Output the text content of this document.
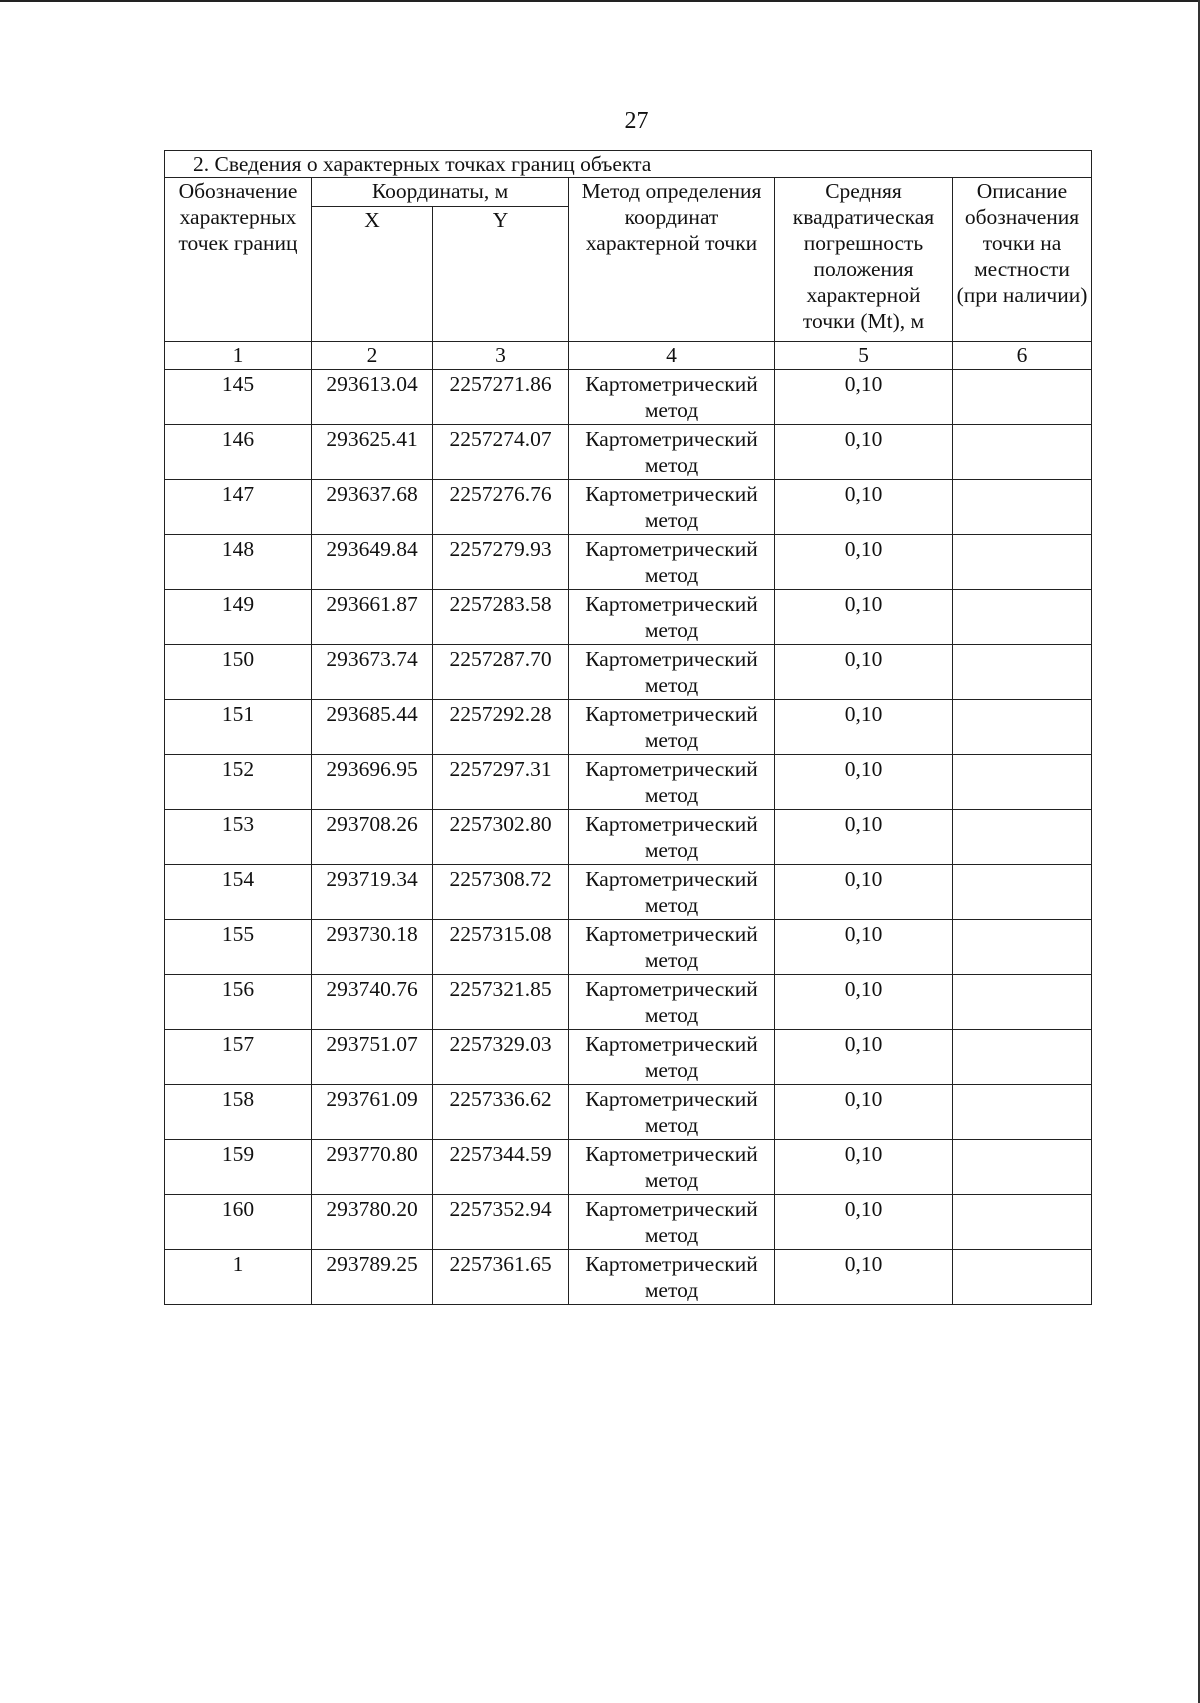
27
2. Сведения о характерных точках границ объекта					
Обозначение характерных точек границ	Координаты, м		Метод определения координат характерной точки	Средняя квадратическая погрешность положения характерной точки (Mt), м	Описание обозначения точки на местности (при наличии)
	X	Y			
1	2	3	4	5	6
145	293613.04	2257271.86	Картометрический метод	0,10	
146	293625.41	2257274.07	Картометрический метод	0,10	
147	293637.68	2257276.76	Картометрический метод	0,10	
148	293649.84	2257279.93	Картометрический метод	0,10	
149	293661.87	2257283.58	Картометрический метод	0,10	
150	293673.74	2257287.70	Картометрический метод	0,10	
151	293685.44	2257292.28	Картометрический метод	0,10	
152	293696.95	2257297.31	Картометрический метод	0,10	
153	293708.26	2257302.80	Картометрический метод	0,10	
154	293719.34	2257308.72	Картометрический метод	0,10	
155	293730.18	2257315.08	Картометрический метод	0,10	
156	293740.76	2257321.85	Картометрический метод	0,10	
157	293751.07	2257329.03	Картометрический метод	0,10	
158	293761.09	2257336.62	Картометрический метод	0,10	
159	293770.80	2257344.59	Картометрический метод	0,10	
160	293780.20	2257352.94	Картометрический метод	0,10	
1	293789.25	2257361.65	Картометрический метод	0,10	
